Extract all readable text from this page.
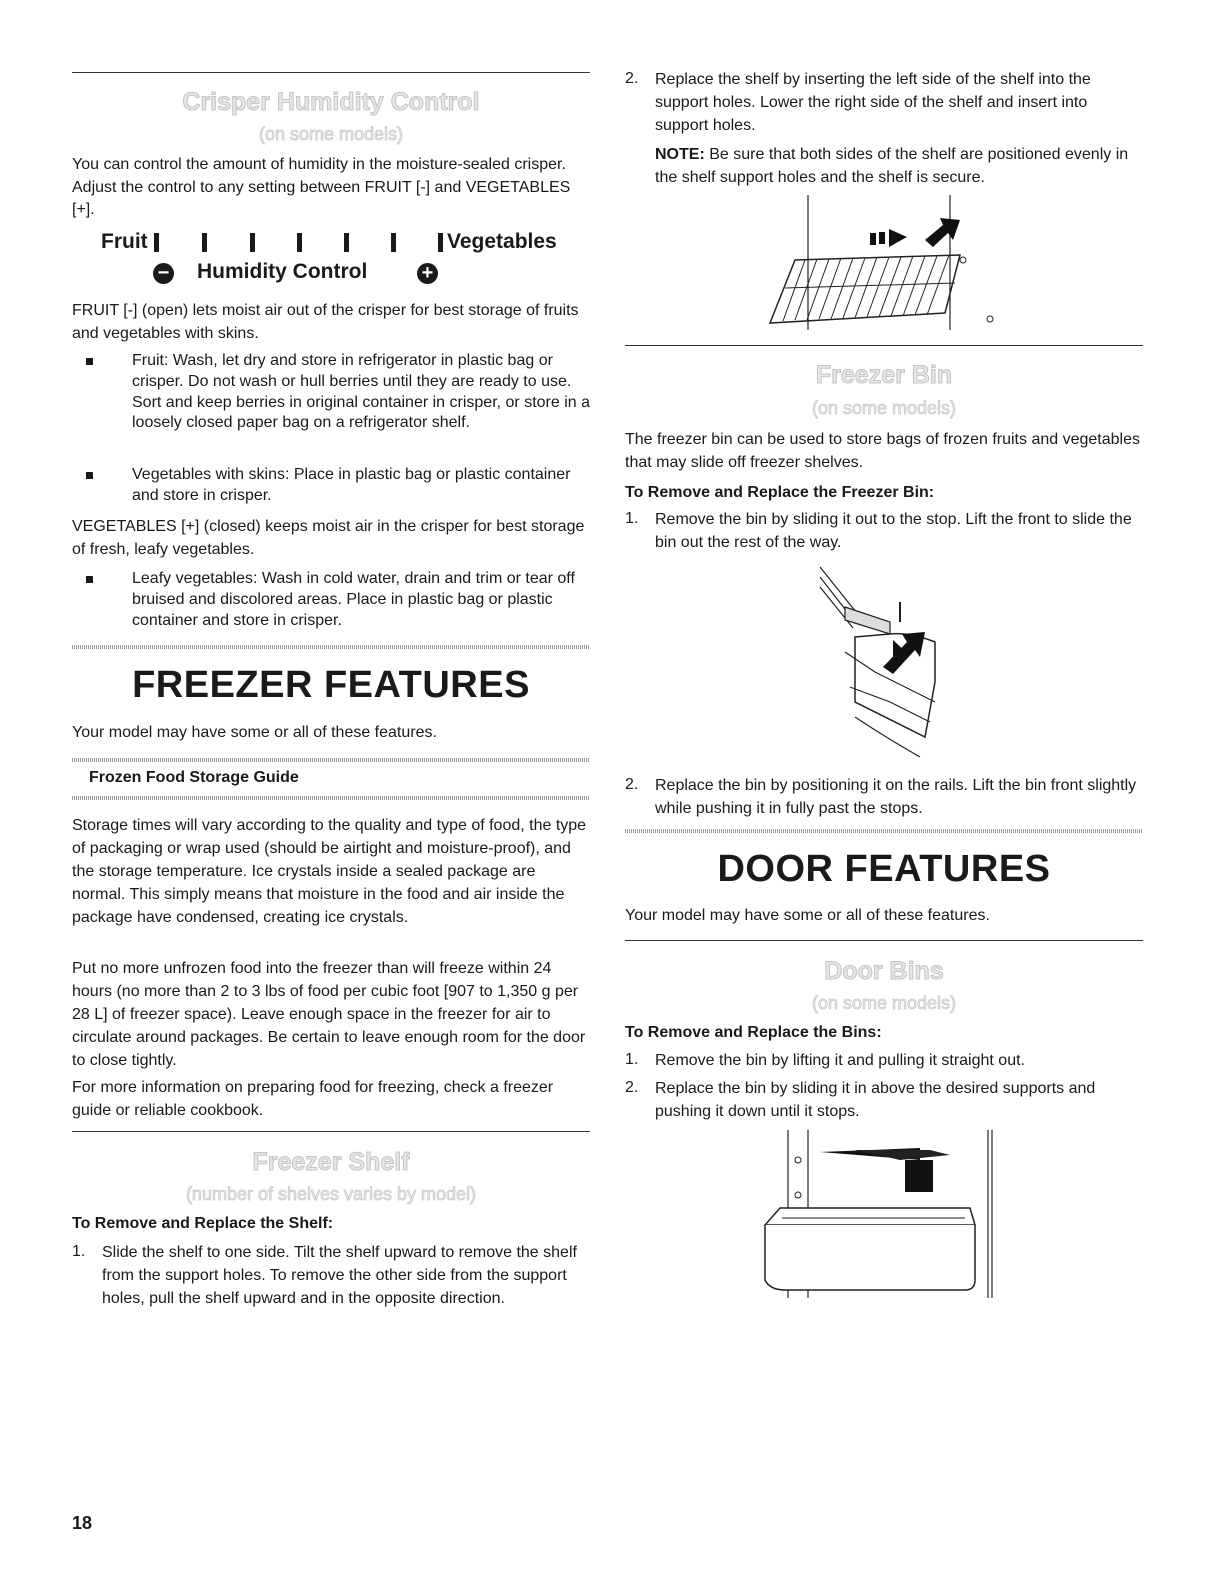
Crisper Humidity Control
(on some models)

You can control the amount of humidity in the moisture-sealed crisper. Adjust the control to any setting between FRUIT [-] and VEGETABLES [+].

Fruit	Vegetables
− Humidity Control	+

FRUIT [-] (open) lets moist air out of the crisper for best storage of fruits and vegetables with skins.

Fruit: Wash, let dry and store in refrigerator in plastic bag or crisper. Do not wash or hull berries until they are ready to use. Sort and keep berries in original container in crisper, or store in a loosely closed paper bag on a refrigerator shelf.

Vegetables with skins: Place in plastic bag or plastic container and store in crisper.

VEGETABLES [+] (closed) keeps moist air in the crisper for best storage of fresh, leafy vegetables.

Leafy vegetables: Wash in cold water, drain and trim or tear off bruised and discolored areas. Place in plastic bag or plastic container and store in crisper.

FREEZER FEATURES

Your model may have some or all of these features.

Frozen Food Storage Guide

Storage times will vary according to the quality and type of food, the type of packaging or wrap used (should be airtight and moisture-proof), and the storage temperature. Ice crystals inside a sealed package are normal. This simply means that moisture in the food and air inside the package have condensed, creating ice crystals.

Put no more unfrozen food into the freezer than will freeze within 24 hours (no more than 2 to 3 lbs of food per cubic foot [907 to 1,350 g per 28 L] of freezer space). Leave enough space in the freezer for air to circulate around packages. Be certain to leave enough room for the door to close tightly.

For more information on preparing food for freezing, check a freezer guide or reliable cookbook.

Freezer Shelf
(number of shelves varies by model)
To Remove and Replace the Shelf:

1. Slide the shelf to one side. Tilt the shelf upward to remove the shelf from the support holes. To remove the other side from the support holes, pull the shelf upward and in the opposite direction.

18

2. Replace the shelf by inserting the left side of the shelf into the support holes. Lower the right side of the shelf and insert into support holes.

NOTE: Be sure that both sides of the shelf are positioned evenly in the shelf support holes and the shelf is secure.

Freezer Bin
(on some models)

The freezer bin can be used to store bags of frozen fruits and vegetables that may slide off freezer shelves.

To Remove and Replace the Freezer Bin:

1. Remove the bin by sliding it out to the stop. Lift the front to slide the bin out the rest of the way.

2. Replace the bin by positioning it on the rails. Lift the bin front slightly while pushing it in fully past the stops.

DOOR FEATURES

Your model may have some or all of these features.

Door Bins
(on some models)
To Remove and Replace the Bins:

1. Remove the bin by lifting it and pulling it straight out.

2. Replace the bin by sliding it in above the desired supports and pushing it down until it stops.
